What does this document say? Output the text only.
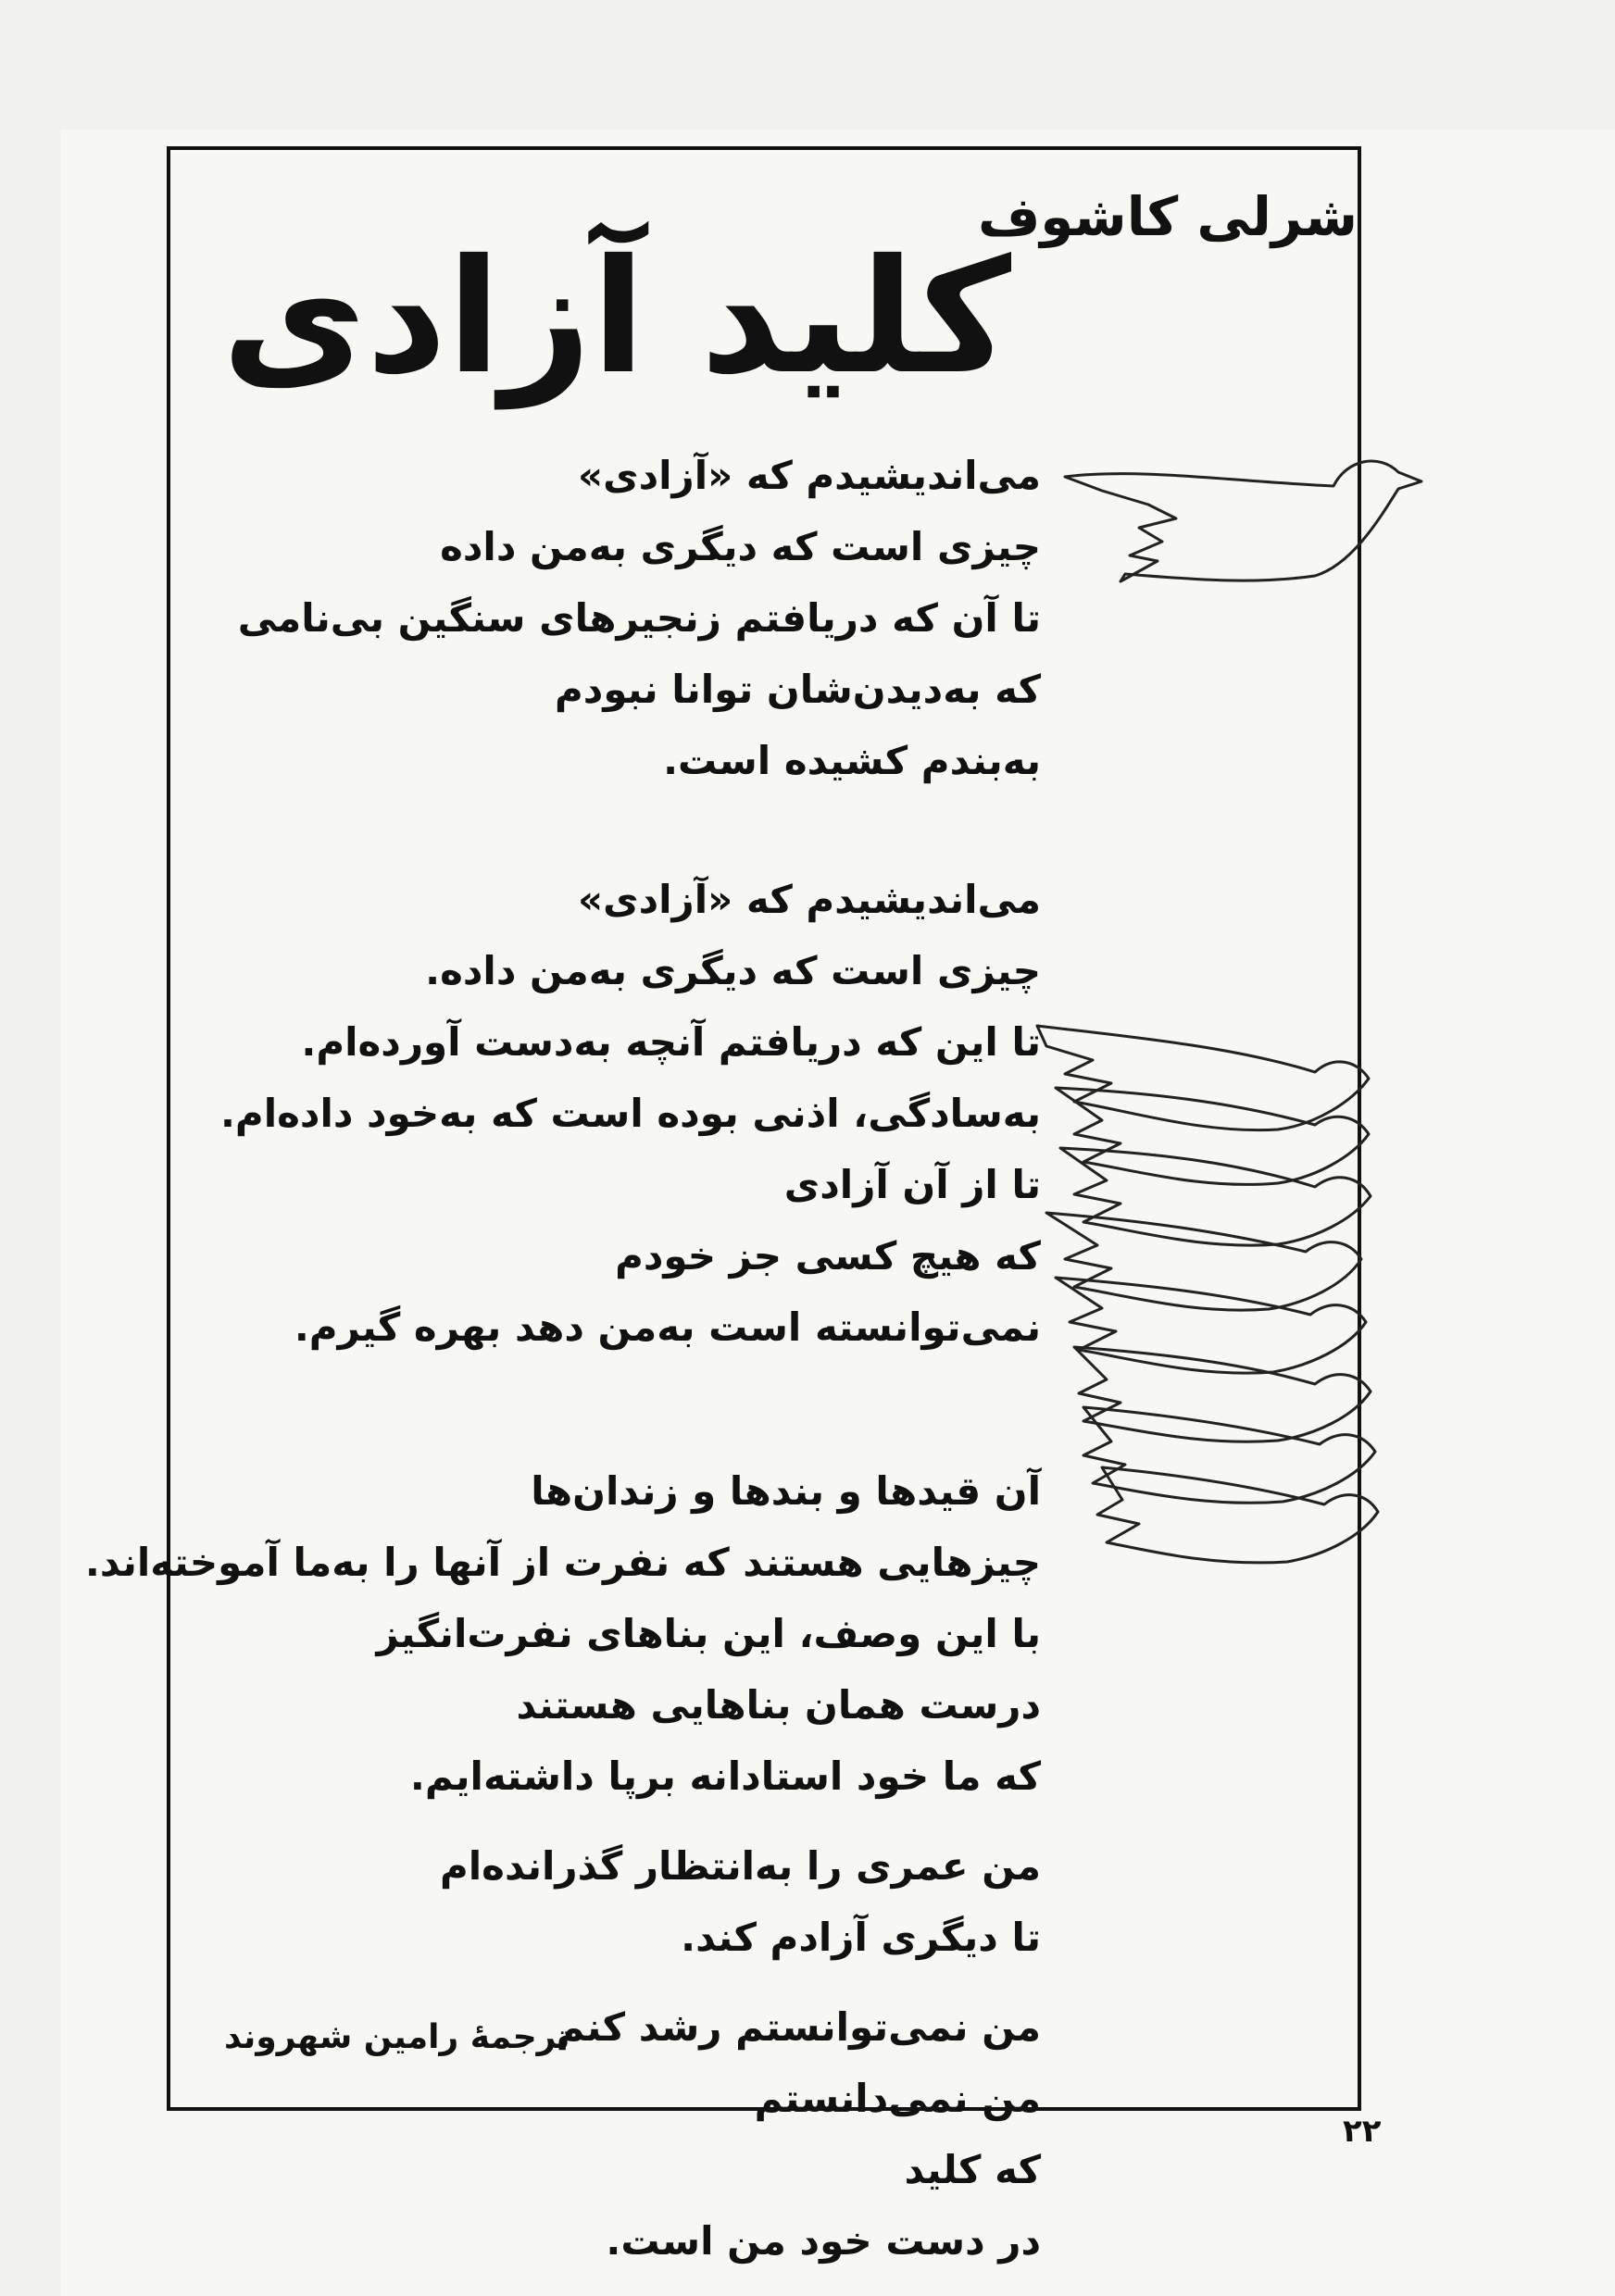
شرلی کاشوف
کلید آزادی
می‌اندیشیدم که «آزادی»
چیزی است که دیگری به‌من داده
تا آن که دریافتم زنجیرهای سنگین بی‌نامی
که به‌دیدن‌شان توانا نبودم
به‌بندم کشیده است.
می‌اندیشیدم که «آزادی»
چیزی است که دیگری به‌من داده.
تا این که دریافتم آنچه به‌دست آورده‌ام.
به‌سادگی، اذنی بوده است که به‌خود داده‌ام.
تا از آن آزادی
که هیچ کسی جز خودم
نمی‌توانسته است به‌من دهد بهره گیرم.
آن قیدها و بندها و زندان‌ها
چیزهایی هستند که نفرت از آنها را به‌ما آموخته‌اند.
با این وصف، این بناهای نفرت‌انگیز
درست همان بناهایی هستند
که ما خود استادانه برپا داشته‌ایم.
من عمری را به‌انتظار گذرانده‌ام
تا دیگری آزادم کند.
من نمی‌توانستم رشد کنم
من نمی‌دانستم
که کلید
در دست خود من است.
ترجمهٔ رامین شهروند
۲۲
